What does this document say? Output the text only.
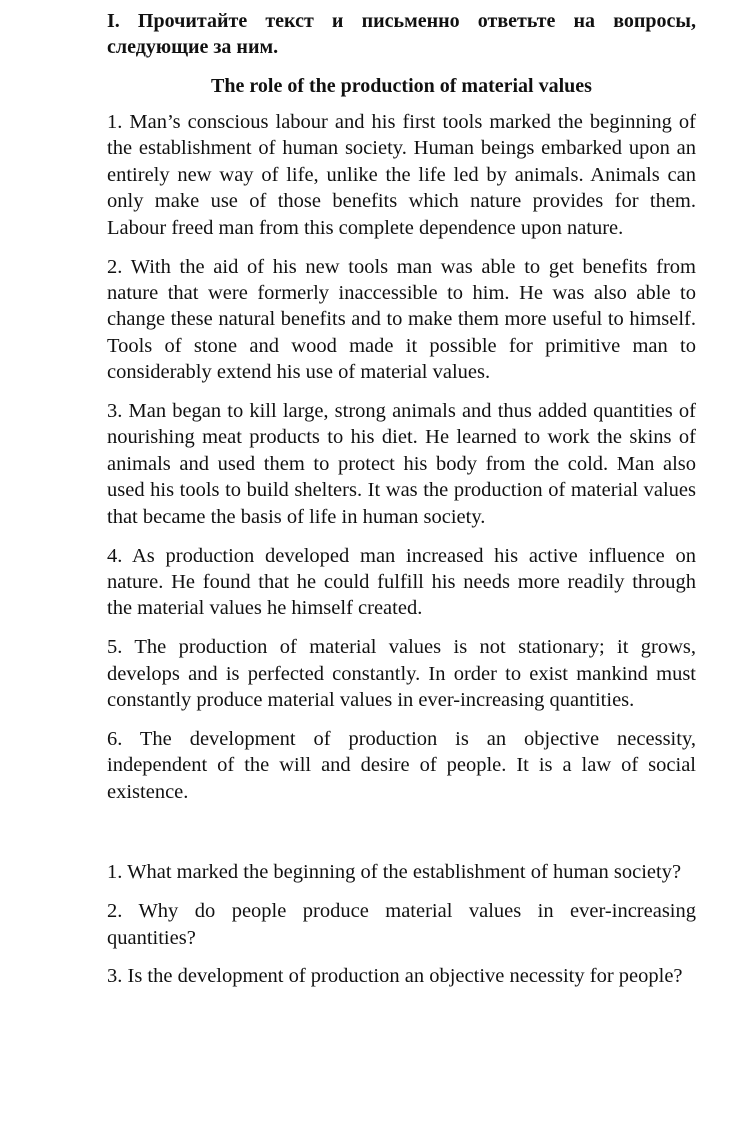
I. Прочитайте текст и письменно ответьте на вопросы, следующие за ним.

The role of the production of material values

1. Man’s conscious labour and his first tools marked the beginning of the establishment of human society. Human beings embarked upon an entirely new way of life, unlike the life led by animals. Animals can only make use of those benefits which nature provides for them. Labour freed man from this complete dependence upon nature.

2. With the aid of his new tools man was able to get benefits from nature that were formerly inaccessible to him. He was also able to change these natural benefits and to make them more useful to himself. Tools of stone and wood made it possible for primitive man to considerably extend his use of material values.

3. Man began to kill large, strong animals and thus added quantities of nourishing meat products to his diet. He learned to work the skins of animals and used them to protect his body from the cold. Man also used his tools to build shelters. It was the production of material values that became the basis of life in human society.

4. As production developed man increased his active influence on nature. He found that he could fulfill his needs more readily through the material values he himself created.

5. The production of material values is not stationary; it grows, develops and is perfected constantly. In order to exist mankind must constantly produce material values in ever-increasing quantities.

6. The development of production is an objective necessity, independent of the will and desire of people. It is a law of social existence.

1. What marked the beginning of the establishment of human society?

2. Why do people produce material values in ever-increasing quantities?

3. Is the development of production an objective necessity for people?
